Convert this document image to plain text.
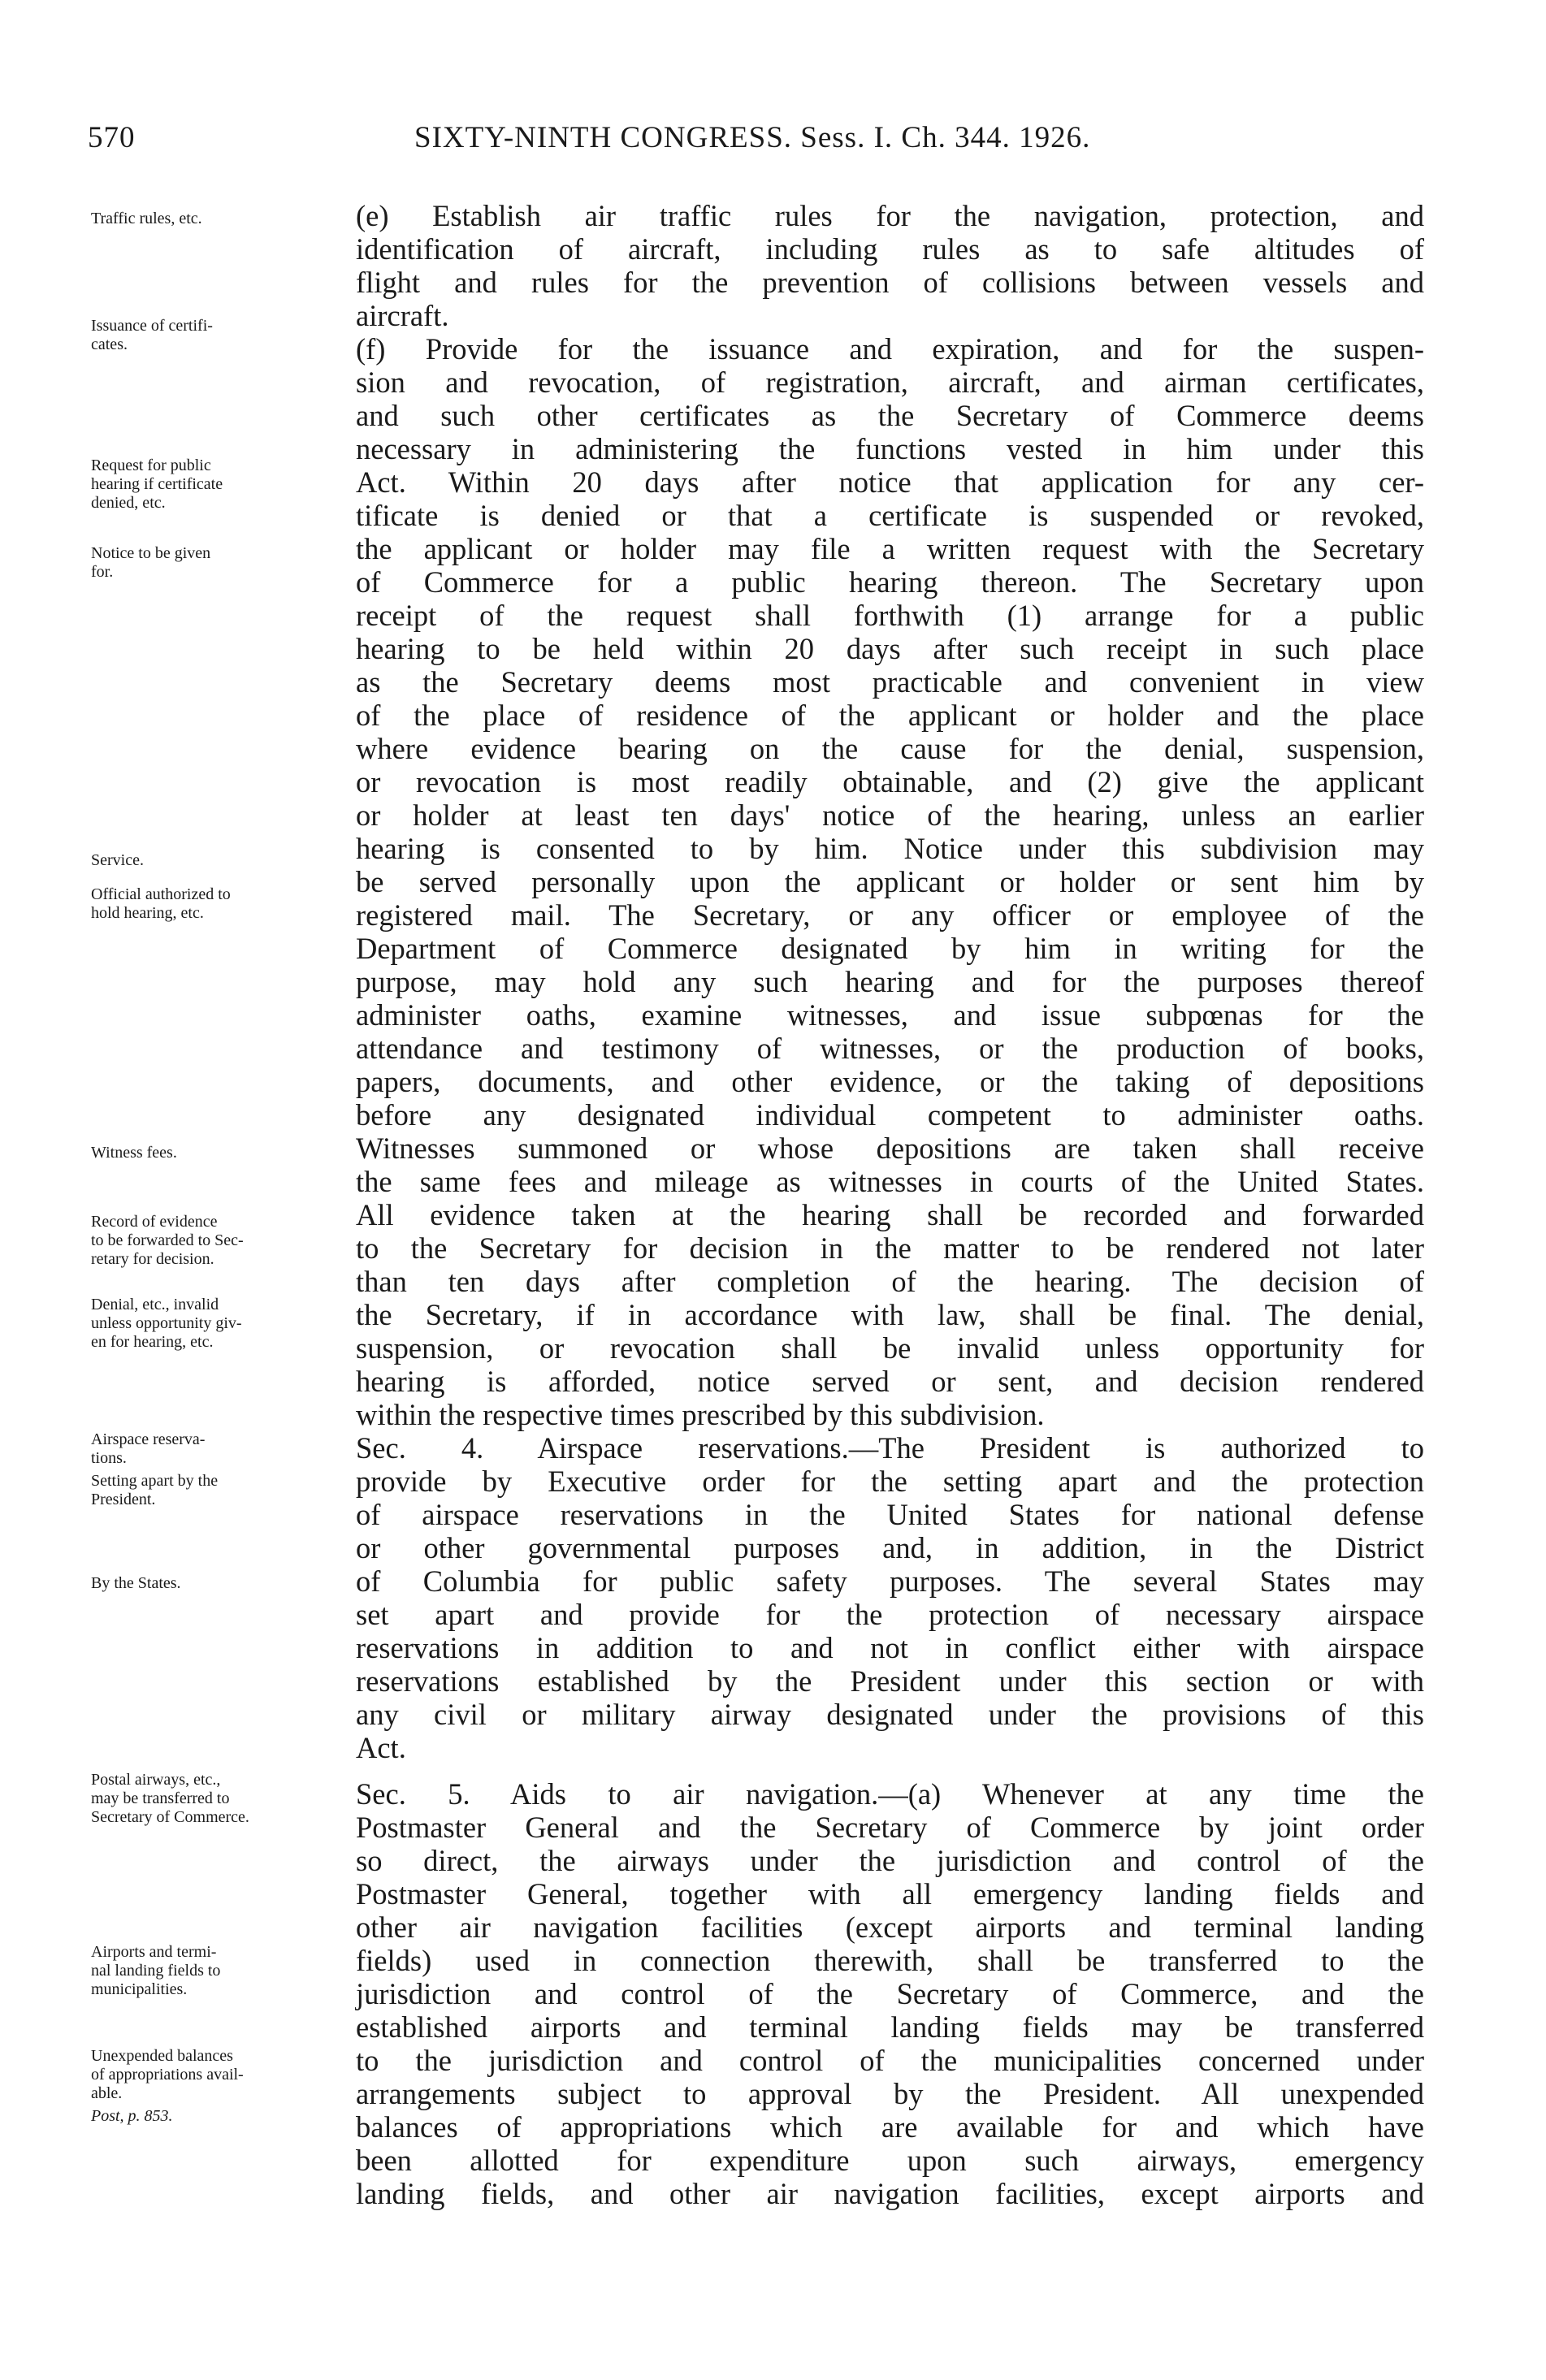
570	SIXTY-NINTH CONGRESS. Sess. I. Ch. 344. 1926.
Traffic rules, etc.
Issuance of certifi-
cates.
Request for public
hearing if certificate
denied, etc.
Notice to be given
for.
Service.
Official authorized to
hold hearing, etc.
Witness fees.
Record of evidence
to be forwarded to Sec-
retary for decision.
Denial, etc., invalid
unless opportunity giv-
en for hearing, etc.
Airspace reserva-
tions.
Setting apart by the
President.
By the States.
Postal airways, etc.,
may be transferred to
Secretary of Commerce.
Airports and termi-
nal landing fields to
municipalities.
Unexpended balances
of appropriations avail-
able.
Post, p. 853.
(e) Establish air traffic rules for the navigation, protection, and
identification of aircraft, including rules as to safe altitudes of
flight and rules for the prevention of collisions between vessels and
aircraft.
(f) Provide for the issuance and expiration, and for the suspen-
sion and revocation, of registration, aircraft, and airman certificates,
and such other certificates as the Secretary of Commerce deems
necessary in administering the functions vested in him under this
Act. Within 20 days after notice that application for any cer-
tificate is denied or that a certificate is suspended or revoked,
the applicant or holder may file a written request with the Secretary
of Commerce for a public hearing thereon. The Secretary upon
receipt of the request shall forthwith (1) arrange for a public
hearing to be held within 20 days after such receipt in such place
as the Secretary deems most practicable and convenient in view
of the place of residence of the applicant or holder and the place
where evidence bearing on the cause for the denial, suspension,
or revocation is most readily obtainable, and (2) give the applicant
or holder at least ten days' notice of the hearing, unless an earlier
hearing is consented to by him. Notice under this subdivision may
be served personally upon the applicant or holder or sent him by
registered mail. The Secretary, or any officer or employee of the
Department of Commerce designated by him in writing for the
purpose, may hold any such hearing and for the purposes thereof
administer oaths, examine witnesses, and issue subpœnas for the
attendance and testimony of witnesses, or the production of books,
papers, documents, and other evidence, or the taking of depositions
before any designated individual competent to administer oaths.
Witnesses summoned or whose depositions are taken shall receive
the same fees and mileage as witnesses in courts of the United States.
All evidence taken at the hearing shall be recorded and forwarded
to the Secretary for decision in the matter to be rendered not later
than ten days after completion of the hearing. The decision of
the Secretary, if in accordance with law, shall be final. The denial,
suspension, or revocation shall be invalid unless opportunity for
hearing is afforded, notice served or sent, and decision rendered
within the respective times prescribed by this subdivision.
Sec. 4. Airspace reservations.—The President is authorized to
provide by Executive order for the setting apart and the protection
of airspace reservations in the United States for national defense
or other governmental purposes and, in addition, in the District
of Columbia for public safety purposes. The several States may
set apart and provide for the protection of necessary airspace
reservations in addition to and not in conflict either with airspace
reservations established by the President under this section or with
any civil or military airway designated under the provisions of this
Act.
Sec. 5. Aids to air navigation.—(a) Whenever at any time the
Postmaster General and the Secretary of Commerce by joint order
so direct, the airways under the jurisdiction and control of the
Postmaster General, together with all emergency landing fields and
other air navigation facilities (except airports and terminal landing
fields) used in connection therewith, shall be transferred to the
jurisdiction and control of the Secretary of Commerce, and the
established airports and terminal landing fields may be transferred
to the jurisdiction and control of the municipalities concerned under
arrangements subject to approval by the President. All unexpended
balances of appropriations which are available for and which have
been allotted for expenditure upon such airways, emergency
landing fields, and other air navigation facilities, except airports and
